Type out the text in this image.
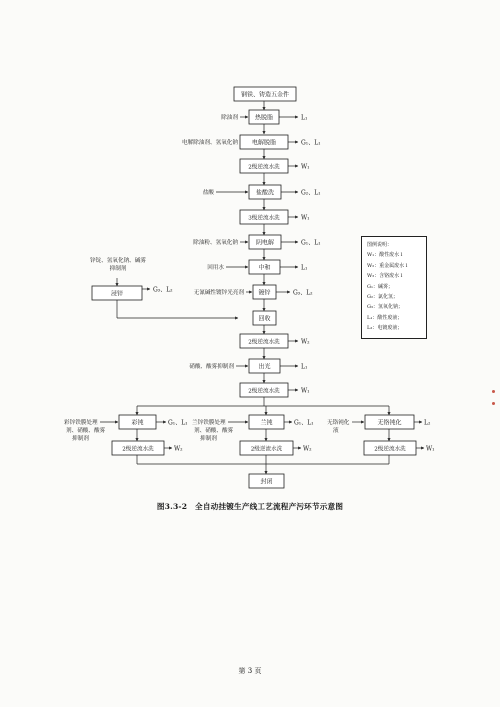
钢铁、铸造五金件
热脱脂
电解脱脂
2级逆流水洗
盐酸洗
3级逆流水洗
阴电解
中和
镀锌
浸锌
回收
2级逆流水洗
出光
2级逆流水洗
彩钝	兰钝	无铬钝化
2级逆流水洗	2级逆流水洗	2级逆流水洗
封闭
除油剂
电解除油剂、氢氧化钠
盐酸
除油粉、氢氧化钠
回用水
锌锭、氢氧化钠、碱雾
抑制剂
无氰碱性镀锌光亮剂
硝酸、酸雾抑制剂
彩锌铁膜处理
剂、硝酸、酸雾
抑制剂
兰锌铁膜处理
剂、硝酸、酸雾
抑制剂
无铬钝化
液
L₁
G₁、L₁
W₁
G₂、L₁
W₁
G₁、L₁
L₁
G₃、L₂
G₃、L₂
W₂
L₁
W₁
G₁、L₁
W₂
G₁、L₁
W₂
L₂
W₁
图例说明：
W₁：酸性废水 l
W₂：重金属废水 l
W₃：含铬废水 l
G₁：碱雾；
G₂：氯化氢；
G₃：氢氧化钠；
L₁：酸性废液；
L₂：电镀废液；
图3.3-2　全自动挂镀生产线工艺流程产污环节示意图
第 3 页
